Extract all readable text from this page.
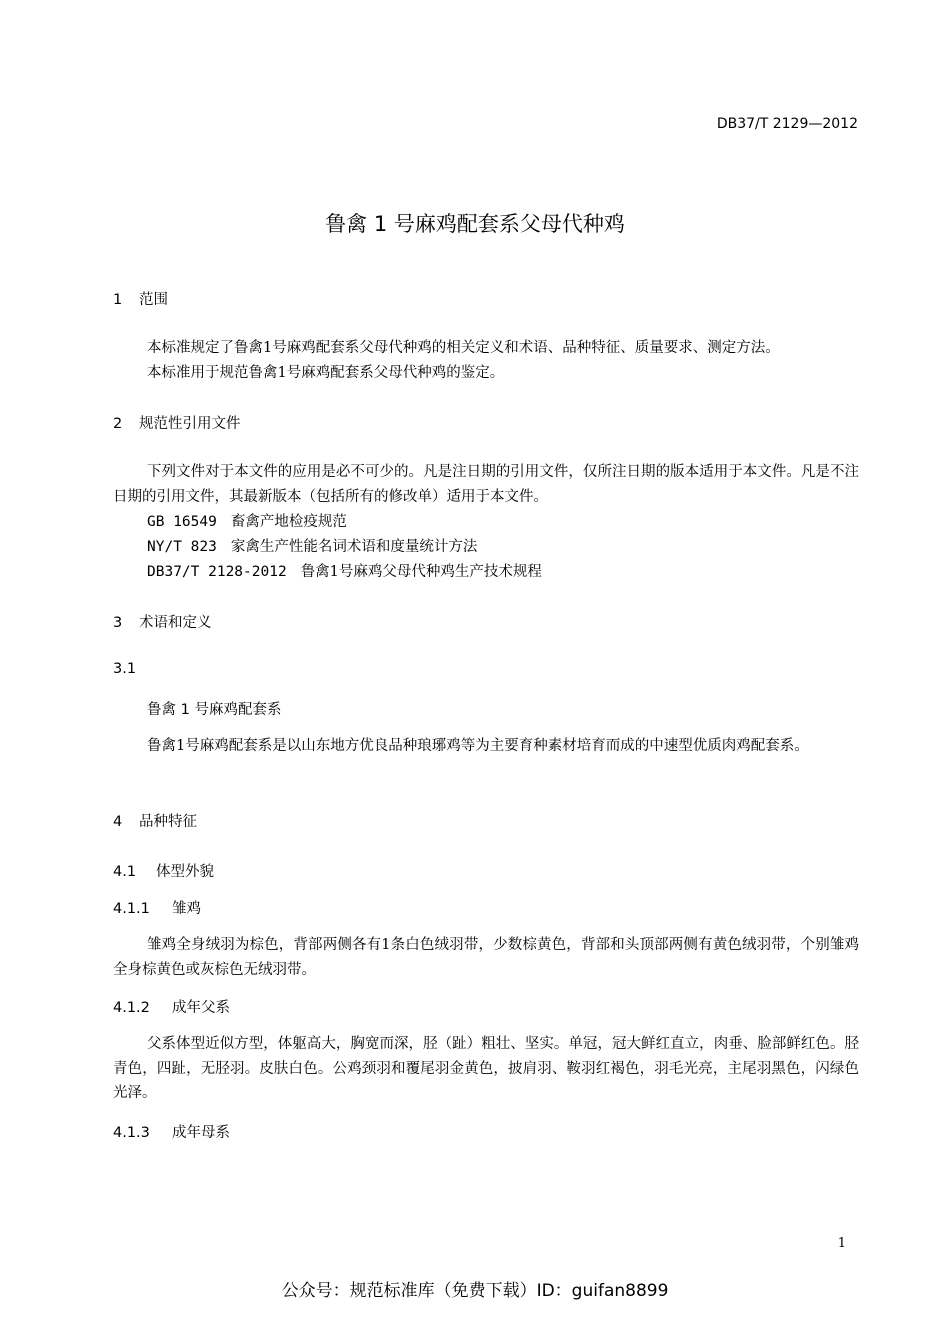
DB37/T 2129—2012
鲁禽 1 号麻鸡配套系父母代种鸡
1 范围
本标准规定了鲁禽1号麻鸡配套系父母代种鸡的相关定义和术语、品种特征、质量要求、测定方法。
本标准用于规范鲁禽1号麻鸡配套系父母代种鸡的鉴定。
2 规范性引用文件
下列文件对于本文件的应用是必不可少的。凡是注日期的引用文件，仅所注日期的版本适用于本文件。凡是不注日期的引用文件，其最新版本（包括所有的修改单）适用于本文件。
GB 16549 畜禽产地检疫规范
NY/T 823 家禽生产性能名词术语和度量统计方法
DB37/T 2128-2012 鲁禽1号麻鸡父母代种鸡生产技术规程
3 术语和定义
3.1
鲁禽 1 号麻鸡配套系
鲁禽1号麻鸡配套系是以山东地方优良品种琅琊鸡等为主要育种素材培育而成的中速型优质肉鸡配套系。
4 品种特征
4.1 体型外貌
4.1.1 雏鸡
雏鸡全身绒羽为棕色，背部两侧各有1条白色绒羽带，少数棕黄色，背部和头顶部两侧有黄色绒羽带，个别雏鸡全身棕黄色或灰棕色无绒羽带。
4.1.2 成年父系
父系体型近似方型，体躯高大，胸宽而深，胫（趾）粗壮、坚实。单冠，冠大鲜红直立，肉垂、脸部鲜红色。胫青色，四趾，无胫羽。皮肤白色。公鸡颈羽和覆尾羽金黄色，披肩羽、鞍羽红褐色，羽毛光亮，主尾羽黑色，闪绿色光泽。
4.1.3 成年母系
1
公众号：规范标准库（免费下载）ID：guifan8899
